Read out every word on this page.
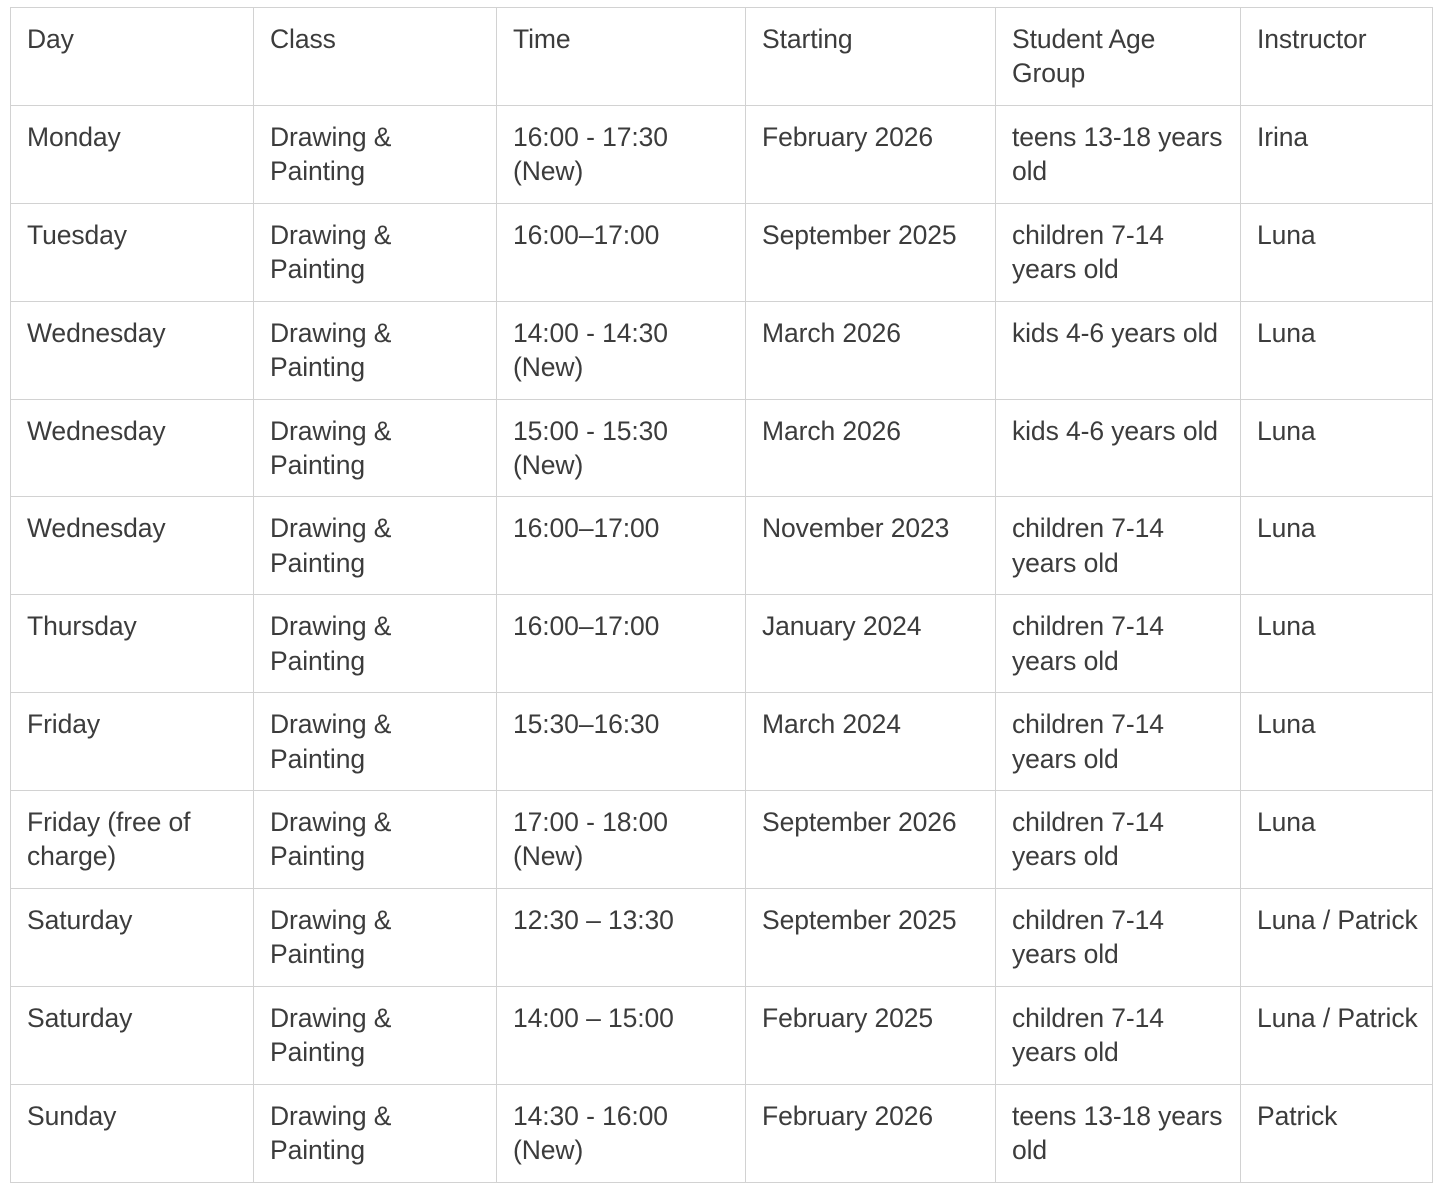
Day	Class	Time	Starting	Student Age Group	Instructor
Monday	Drawing & Painting	16:00 - 17:30 (New)	February 2026	teens 13-18 years old	Irina
Tuesday	Drawing & Painting	16:00–17:00	September 2025	children 7-14 years old	Luna
Wednesday	Drawing & Painting	14:00 - 14:30 (New)	March 2026	kids 4-6 years old	Luna
Wednesday	Drawing & Painting	15:00 - 15:30 (New)	March 2026	kids 4-6 years old	Luna
Wednesday	Drawing & Painting	16:00–17:00	November 2023	children 7-14 years old	Luna
Thursday	Drawing & Painting	16:00–17:00	January 2024	children 7-14 years old	Luna
Friday	Drawing & Painting	15:30–16:30	March 2024	children 7-14 years old	Luna
Friday (free of charge)	Drawing & Painting	17:00 - 18:00 (New)	September 2026	children 7-14 years old	Luna
Saturday	Drawing & Painting	12:30 – 13:30	September 2025	children 7-14 years old	Luna / Patrick
Saturday	Drawing & Painting	14:00 – 15:00	February 2025	children 7-14 years old	Luna / Patrick
Sunday	Drawing & Painting	14:30 - 16:00 (New)	February 2026	teens 13-18 years old	Patrick
